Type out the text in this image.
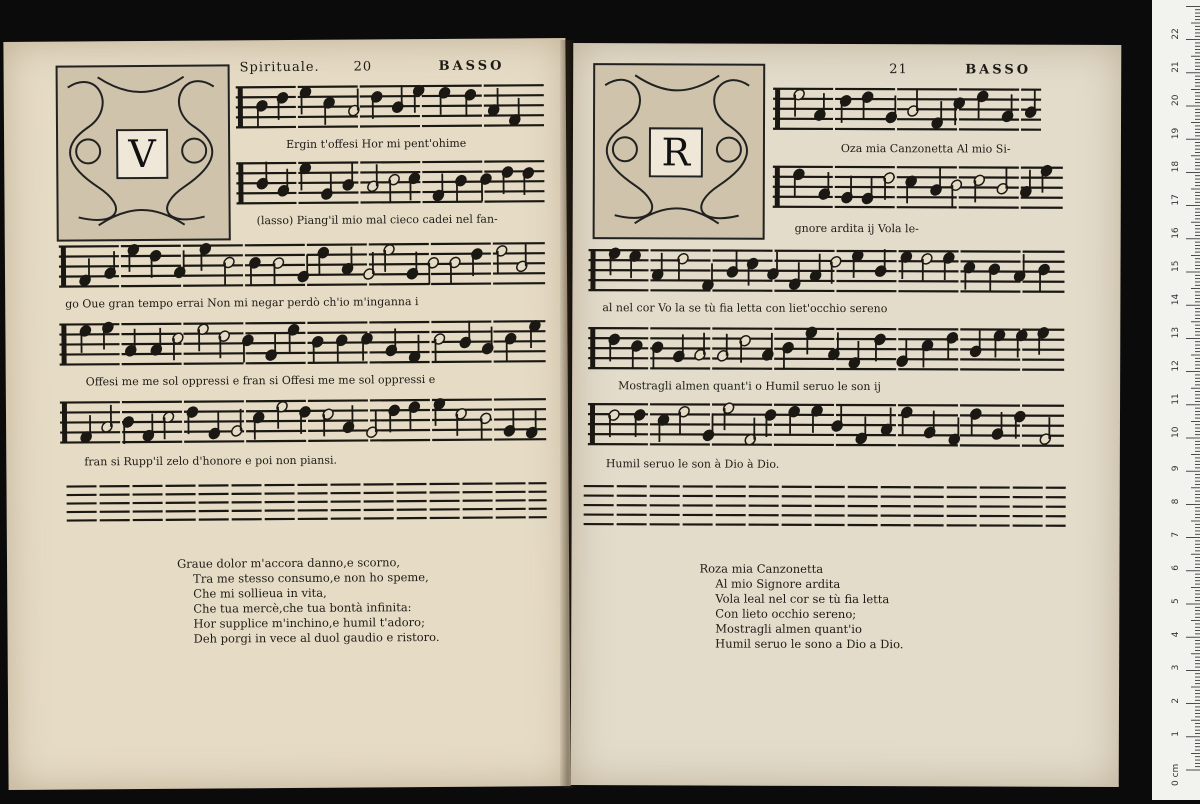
V
Spirituale.	20	BASSO
Ergin t'offesi Hor mi pent'ohime
(lasso) Piang'il mio mal cieco cadei nel fan-
go Oue gran tempo errai Non mi negar perdò ch'io m'inganna i
Offesi me me sol oppressi e fran si Offesi me me sol oppressi e
fran si Rupp'il zelo d'honore e poi non piansi.
Graue dolor m'accora danno,e scorno,
Tra me stesso consumo,e non ho speme,
Che mi sollieua in vita,
Che tua mercè,che tua bontà infinita:
Hor supplice m'inchino,e humil t'adoro;
Deh porgi in vece al duol gaudio e ristoro.
21	BASSO
R	Oza mia Canzonetta Al mio Si-
gnore ardita ij Vola le-
al nel cor Vo la se tù fia letta con liet'occhio sereno
Mostragli almen quant'i o Humil seruo le son ij
Humil seruo le son à Dio à Dio.
Roza mia Canzonetta
Al mio Signore ardita
Vola leal nel cor se tù fia letta
Con lieto occhio sereno;
Mostragli almen quant'io
Humil seruo le sono a Dio a Dio.
1
2
3
4
5
6
7
8
9
10
11
12
13
14
15
16
17
18
19
20
21
22
0 cm
